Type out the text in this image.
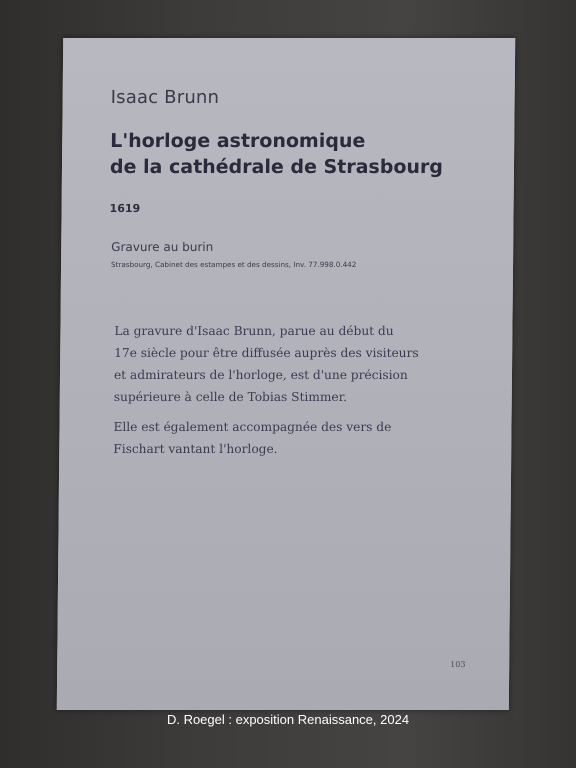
Isaac Brunn
L'horloge astronomique
de la cathédrale de Strasbourg
1619
Gravure au burin
Strasbourg, Cabinet des estampes et des dessins, Inv. 77.998.0.442

La gravure d'Isaac Brunn, parue au début du
17e siècle pour être diffusée auprès des visiteurs
et admirateurs de l'horloge, est d'une précision
supérieure à celle de Tobias Stimmer.

Elle est également accompagnée des vers de
Fischart vantant l'horloge.

103
D. Roegel : exposition Renaissance, 2024
